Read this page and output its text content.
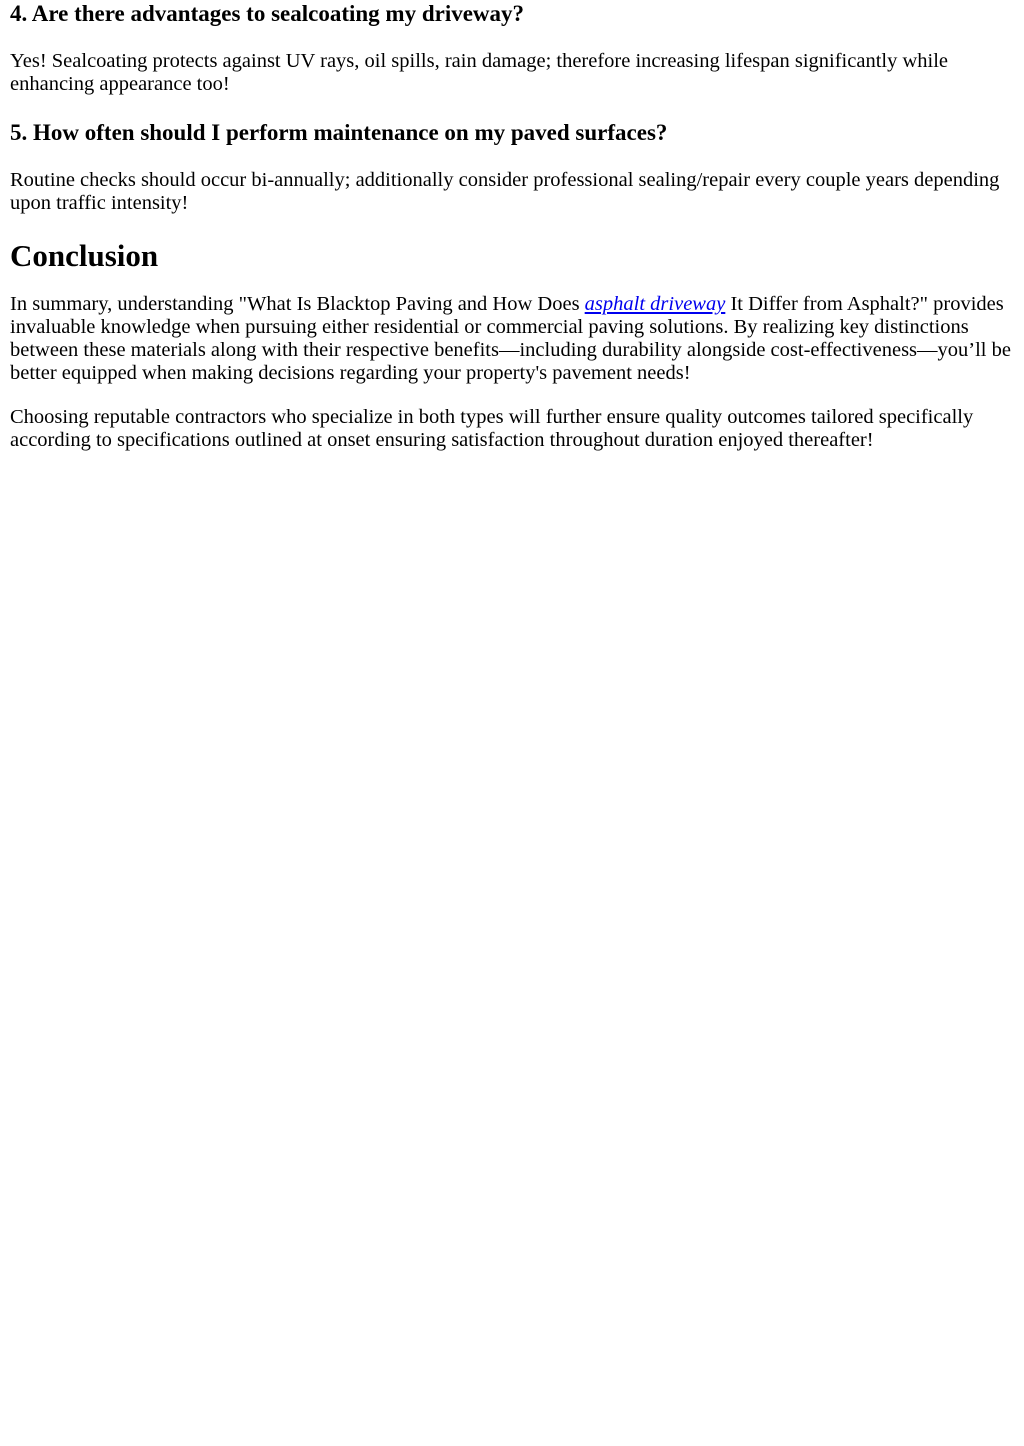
4. Are there advantages to sealcoating my driveway?

Yes! Sealcoating protects against UV rays, oil spills, rain damage; therefore increasing lifespan significantly while enhancing appearance too!

5. How often should I perform maintenance on my paved surfaces?

Routine checks should occur bi-annually; additionally consider professional sealing/repair every couple years depending upon traffic intensity!

Conclusion

In summary, understanding "What Is Blacktop Paving and How Does asphalt driveway It Differ from Asphalt?" provides invaluable knowledge when pursuing either residential or commercial paving solutions. By realizing key distinctions between these materials along with their respective benefits—including durability alongside cost-effectiveness—you’ll be better equipped when making decisions regarding your property's pavement needs!

Choosing reputable contractors who specialize in both types will further ensure quality outcomes tailored specifically according to specifications outlined at onset ensuring satisfaction throughout duration enjoyed thereafter!
